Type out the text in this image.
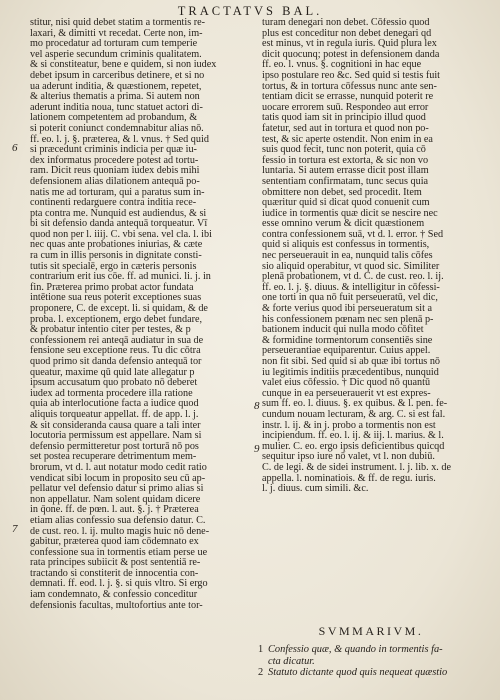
TRACTATVS BAL.
stitur, nisi quid debet statim a tormentis re-
laxari, & dimitti vt recedat. Certe non, im-
mo procedatur ad torturam cum temperie
vel asperie secundum criminis qualitatem.
& si constiteatur, bene e quidem, si non iudex
debet ipsum in carceribus detinere, et si no
ua aderunt inditia, & quæstionem, repetet,
& alterius thematis a prima. Si autem non
aderunt inditia noua, tunc statuet actori di-
lationem competentem ad probandum, &
si poterit coniunct condemnabitur alias nō.
ff. eo. l. j. §. præterea, & l. vnus. † Sed quid
si præcedunt criminis indicia per quæ iu-
dex informatus procedere potest ad tortu-
ram. Dicit reus quoniam iudex debis mihi
defensionem alias dilationem antequā po-
natis me ad torturam, qui a paratus sum in-
continenti redarguere contra inditia rece-
pta contra me. Nunquid est audiendus, & si
bi sit defensio danda antequā torqueatur. Vī
quod non per l. iiij. C. vbi sena. vel cla. l. ibi
nec quas ante probationes iniurias, & cæte
ra cum in illis personis in dignitate consti-
tutis sit specialē, ergo in cæteris personis
contrarium erit ius cōe. ff. ad munici. li. j. in
fin. Præterea primo probat actor fundata
intētione sua reus poterit exceptiones suas
proponere, C. de except. li. si quidam, & de
proba. l. exceptionem, ergo debet fundare,
& probatur intentio citer per testes, & p
confessionem rei anteqā audiatur in sua de
fensione seu exceptione reus. Tu dic cōtra
quod primo sit danda defensio antequā tor
queatur, maxime qū quid late allegatur p
ipsum accusatum quo probato nō deberet
iudex ad tormenta procedere illa ratione
quia ab interlocutione facta a iudice quod
aliquis torqueatur appellat. ff. de app. l. j.
& sit consideranda causa quare a tali inter
locutoria permissum est appellare. Nam si
defensio permitteretur post torturā nō pos
set postea recuperare detrimentum mem-
brorum, vt d. l. aut notatur modo cedit ratio
vendicat sibi locum in proposito seu cū ap-
pellatur vel defensio datur si primo alias si
non appellatur. Nam solent quidam dicere
in q̄one. ff. de pœn. l. aut. §. j. † Præterea
etiam alias confessio sua defensio datur. C.
de cust. reo. l. ij. multo magis huic nō dene-
gabitur, præterea quod iam cōdemnato ex
confessione sua in tormentis etiam perse ue
rata principes subiicit & post sententiā re-
tractando si constiterit de innocentia con-
demnati. ff. eod. l. j. §. si quis vltro. Si ergo
iam condemnato, & confessio conceditur
defensionis facultas, multofortius ante tor-
turam denegari non debet. Cōfessio quod
plus est conceditur non debet denegari qd
est minus, vt in regula iuris. Quid plura lex
dicit quocunq; potest in defensionem danda
ff. eo. l. vnus. §. cognitioni in hac eque
ipso postulare reo &c. Sed quid si testis fuit
tortus, & in tortura cōfessus nunc ante sen-
tentiam dicit se errasse, nunquid poterit re
uocare errorem suū. Respondeo aut error
tatis quod iam sit in principio illud quod
fatetur, sed aut in tortura et quod non po-
test, & sic aperte ostendit. Non enim in ea
suis quod fecit, tunc non poterit, quia cō
fessio in tortura est extorta, & sic non vo
luntaria. Si autem errasse dicit post illam
sententiam confirmatam, tunc secus quia
obmittere non debet, sed procedit. Item
quæritur quid si dicat quod conuenit cum
iudice in tormentis quæ dicit se nescire nec
esse omnino verum & dicit quæstionem
contra confessionem suā, vt d. l. error. † Sed
quid si aliquis est confessus in tormentis,
nec perseuerauit in ea, nunquid talis cōfes
sio aliquid operabitur, vt quod sic. Similiter
plenā probationem, vt d. C. de cust. reo. l. ij.
ff. eo. l. j. §. diuus. & intelligitur in cōfessi-
one torti in qua nō fuit perseueratū, vel dic,
& forte verius quod ibi perseueratum sit a
his confessionem pœnam nec sen plenā p-
bationem inducit qui nulla modo cōfitet
& formidine tormentorum consentiēs sine
perseuerantiae equiparentur. Cuius appel.
non fit sibi. Sed quid si ab quæ ibi tortus nō
iu legitimis inditiis præcedentibus, nunquid
valet eius cōfessio. † Dic quod nō quantū
cunque in ea perseuerauerit vt est expres-
sum ff. eo. l. diuus. §. ex quibus. & l. pen. fe-
cundum nouam lecturam, & arg. C. si est fal.
instr. l. ij. & in j. probo a tormentis non est
incipiendum. ff. eo. l. ij. & iij. l. marius. & l.
mulier. C. eo. ergo ipsis deficientibus quicqd
sequitur ipso iure nō valet, vt l. non dubiū.
C. de legi. & de sidei instrument. l. j. lib. x. de
appella. l. nominatiois. & ff. de regu. iuris.
l. j. diuus. cum simili. &c.
6
7
8
9
SVMMARIVM.
1 Confessio quæ, & quando in tormentis fa-
cta dicatur.
2 Statuto dictante quod quis nequeat quæstio
